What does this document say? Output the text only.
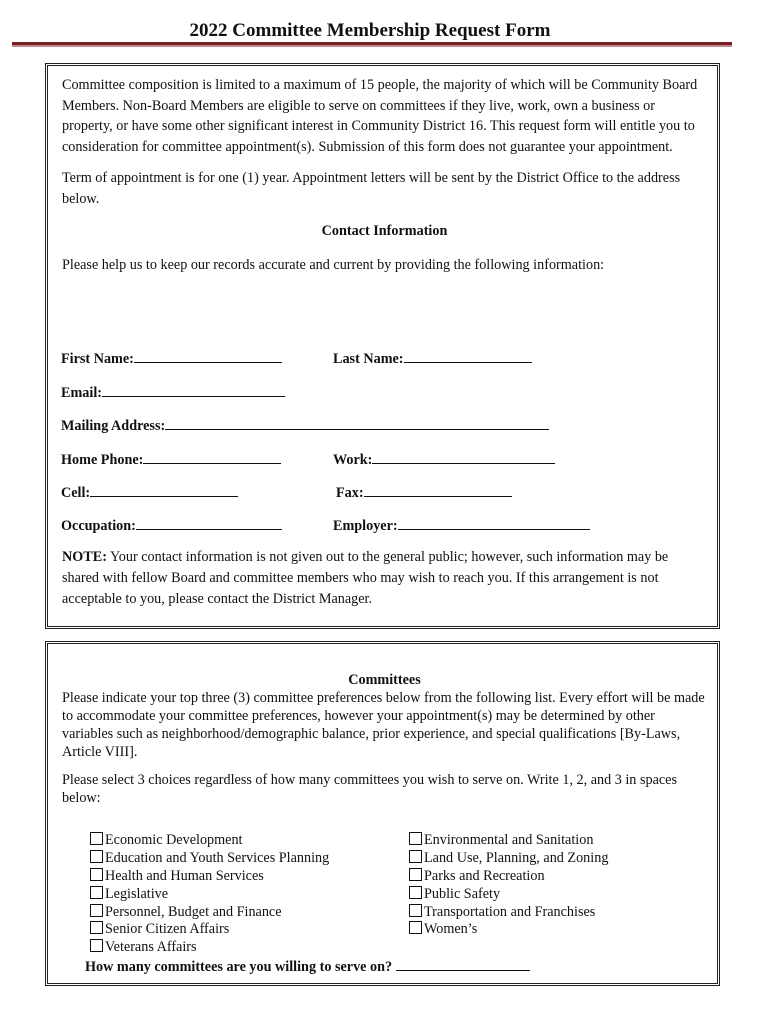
2022 Committee Membership Request Form

Committee composition is limited to a maximum of 15 people, the majority of which will be Community Board Members. Non-Board Members are eligible to serve on committees if they live, work, own a business or property, or have some other significant interest in Community District 16. This request form will entitle you to consideration for committee appointment(s). Submission of this form does not guarantee your appointment.

Term of appointment is for one (1) year. Appointment letters will be sent by the District Office to the address below.

Contact Information

Please help us to keep our records accurate and current by providing the following information:

First Name:	Last Name:
Email:
Mailing Address:
Home Phone:	Work:
Cell:	Fax:
Occupation:	Employer:

NOTE: Your contact information is not given out to the general public; however, such information may be shared with fellow Board and committee members who may wish to reach you. If this arrangement is not acceptable to you, please contact the District Manager.

Committees

Please indicate your top three (3) committee preferences below from the following list. Every effort will be made to accommodate your committee preferences, however your appointment(s) may be determined by other variables such as neighborhood/demographic balance, prior experience, and special qualifications [By-Laws, Article VIII].

Please select 3 choices regardless of how many committees you wish to serve on. Write 1, 2, and 3 in spaces below:

Economic Development
Education and Youth Services Planning
Health and Human Services
Legislative
Personnel, Budget and Finance
Senior Citizen Affairs
Veterans Affairs
Environmental and Sanitation
Land Use, Planning, and Zoning
Parks and Recreation
Public Safety
Transportation and Franchises
Women’s
How many committees are you willing to serve on?
